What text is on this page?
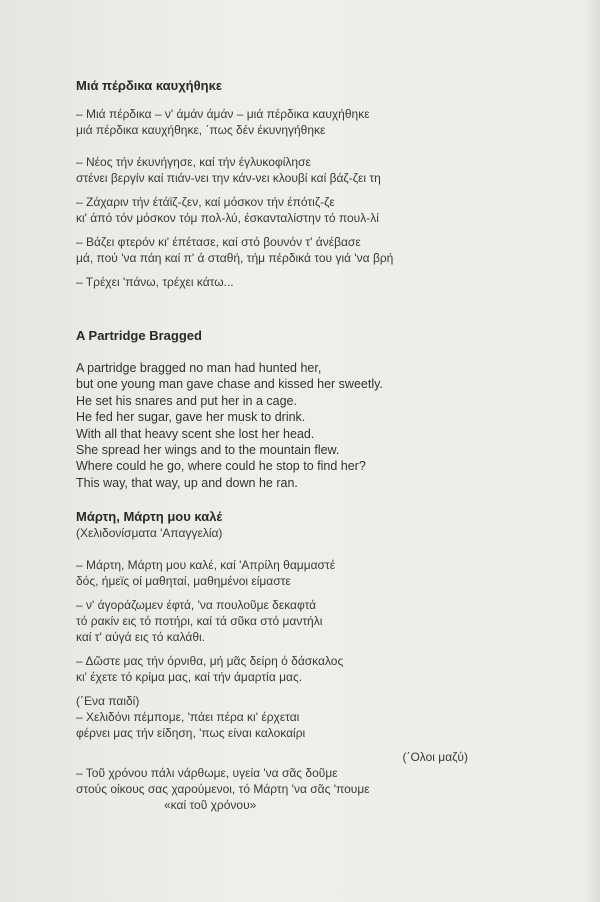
Μιά πέρδικα καυχήθηκε

– Μιά πέρδικα – ν' άμάν άμάν – μιά πέρδικα καυχήθηκε

μιά πέρδικα καυχήθηκε, ΄πως δέν έκυνηγήθηκε

– Νέος τήν έκυνήγησε, καί τήν έγλυκοφίλησε

στένει βεργίν καί πιάν-νει την κάν-νει κλουβί καί βάζ-ζει τη

– Ζάχαριν τήν έτάϊζ-ζεν, καί μόσκον τήν έπότιζ-ζε

κι' άπό τόν μόσκον τόμ πολ-λύ, έσκανταλίστην τό πουλ-λί

– Βάζει φτερόν κι' έπέτασε, καί στό βουνόν τ' άνέβασε

μά, πού 'να πάη καί π' ά σταθή, τήμ πέρδικά του γιά 'να βρή

– Τρέχει 'πάνω, τρέχει κάτω...

A Partridge Bragged

A partridge bragged no man had hunted her,

but one young man gave chase and kissed her sweetly.

He set his snares and put her in a cage.

He fed her sugar, gave her musk to drink.

With all that heavy scent she lost her head.

She spread her wings and to the mountain flew.

Where could he go, where could he stop to find her?

This way, that way, up and down he ran.

Μάρτη, Μάρτη μου καλέ

(Χελιδονίσματα 'Απαγγελία)

– Μάρτη, Μάρτη μου καλέ, καί 'Απρίλη θαμμαστέ

δός, ήμεϊς οί μαθηταί, μαθημένοι είμαστε

– ν' άγοράζωμεν έφτά, 'να πουλοῦμε δεκαφτά

τό ρακίν εις τό ποτήρι, καί τά σῦκα στό μαντήλι

καί τ' αύγά εις τό καλάθι.

– Δῶστε μας τήν όρνιθα, μή μᾶς δείρη ό δάσκαλος

κι' έχετε τό κρίμα μας, καί τήν άμαρτία μας.

(΄Ενα παιδί)

– Χελιδόνι πέμπομε, 'πάει πέρα κι' έρχεται

φέρνει μας τήν είδηση, 'πως είναι καλοκαίρι

(΄Ολοι μαζύ)

– Τοῦ χρόνου πάλι νάρθωμε, υγεία 'να σᾶς δοῦμε

στούς οίκους σας χαρούμενοι, τό Μάρτη 'να σᾶς 'πουμε

«καί τοῦ χρόνου»
